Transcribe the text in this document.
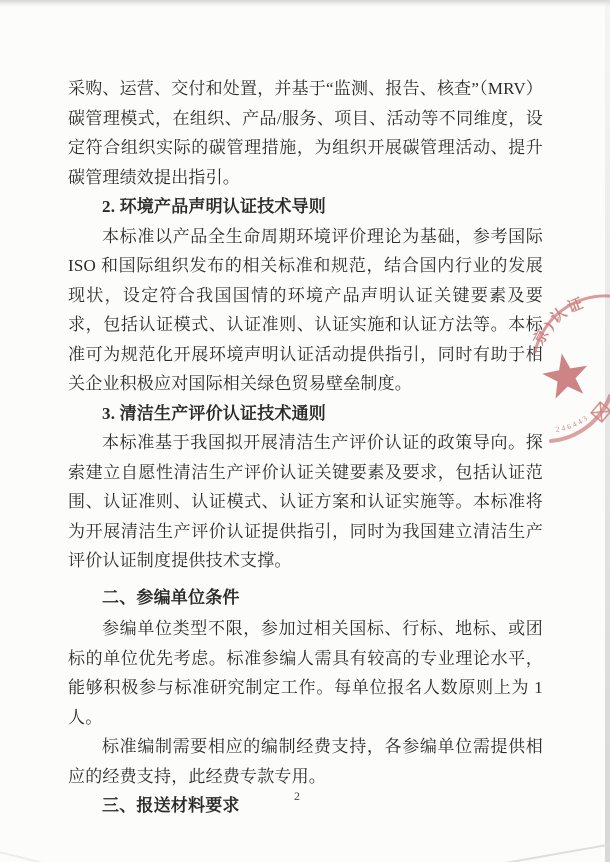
采购、运营、交付和处置，并基于“监测、报告、核查”（MRV）碳管理模式，在组织、产品/服务、项目、活动等不同维度，设定符合组织实际的碳管理措施，为组织开展碳管理活动、提升碳管理绩效提出指引。

2. 环境产品声明认证技术导则

本标准以产品全生命周期环境评价理论为基础，参考国际ISO 和国际组织发布的相关标准和规范，结合国内行业的发展现状，设定符合我国国情的环境产品声明认证关键要素及要求，包括认证模式、认证准则、认证实施和认证方法等。本标准可为规范化开展环境声明认证活动提供指引，同时有助于相关企业积极应对国际相关绿色贸易壁垒制度。

3. 清洁生产评价认证技术通则

本标准基于我国拟开展清洁生产评价认证的政策导向。探索建立自愿性清洁生产评价认证关键要素及要求，包括认证范围、认证准则、认证模式、认证方案和认证实施等。本标准将为开展清洁生产评价认证提供指引，同时为我国建立清洁生产评价认证制度提供技术支撑。

二、参编单位条件

参编单位类型不限，参加过相关国标、行标、地标、或团标的单位优先考虑。标准参编人需具有较高的专业理论水平，能够积极参与标准研究制定工作。每单位报名人数原则上为 1 人。

标准编制需要相应的编制经费支持，各参编单位需提供相应的经费支持，此经费专款专用。

三、报送材料要求	2
京)认证
246443
